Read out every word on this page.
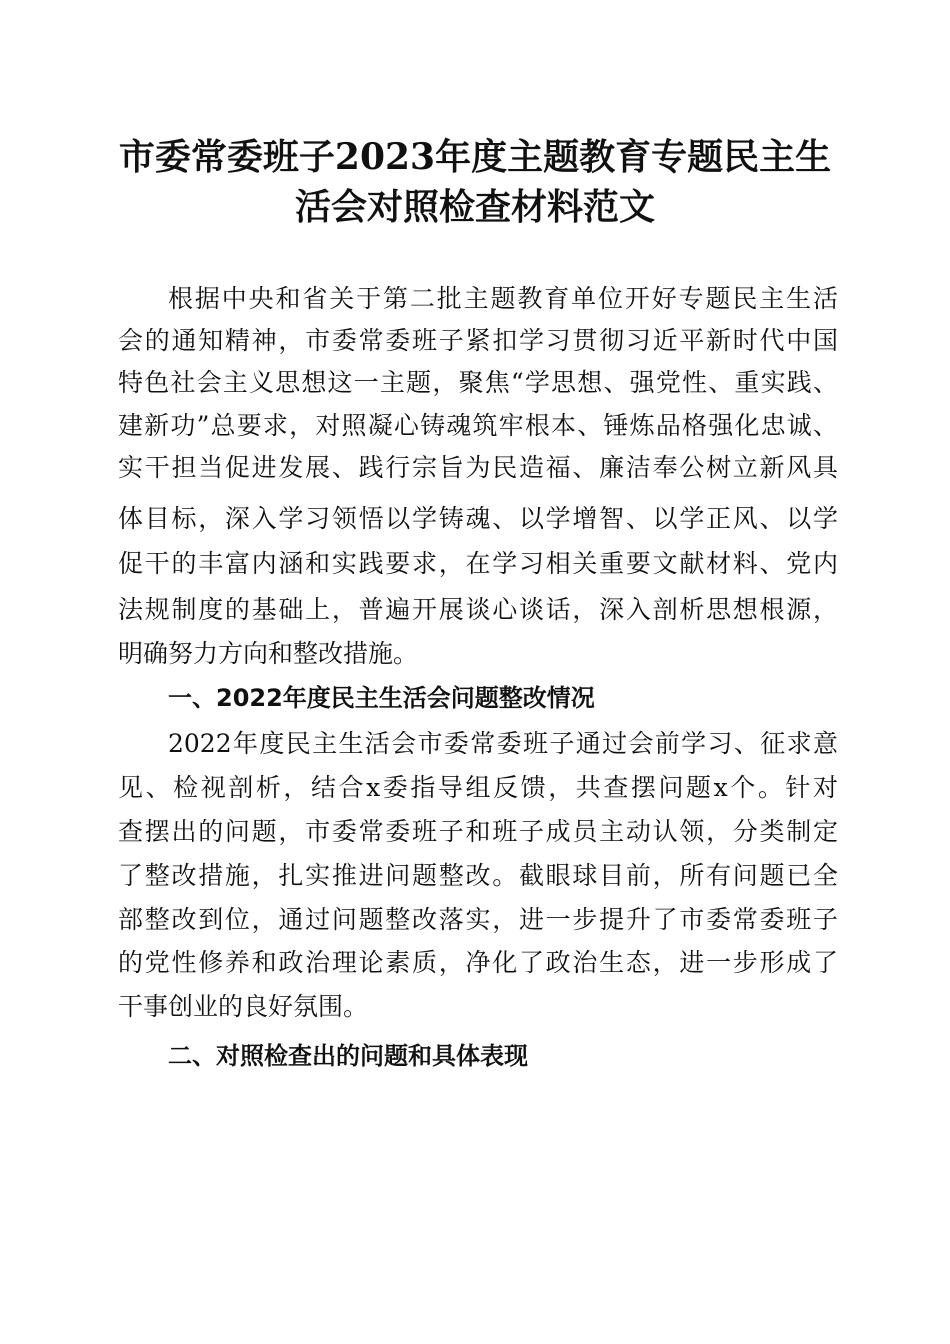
市委常委班子2023年度主题教育专题民主生
活会对照检查材料范文

根据中央和省关于第二批主题教育单位开好专题民主生活

会的通知精神，市委常委班子紧扣学习贯彻习近平新时代中国

特色社会主义思想这一主题，聚焦“学思想、强党性、重实践、

建新功”总要求，对照凝心铸魂筑牢根本、锤炼品格强化忠诚、

实干担当促进发展、践行宗旨为民造福、廉洁奉公树立新风具

体目标，深入学习领悟以学铸魂、以学增智、以学正风、以学

促干的丰富内涵和实践要求，在学习相关重要文献材料、党内

法规制度的基础上，普遍开展谈心谈话，深入剖析思想根源，

明确努力方向和整改措施。

一、2022年度民主生活会问题整改情况

2022年度民主生活会市委常委班子通过会前学习、征求意

见、检视剖析，结合x委指导组反馈，共查摆问题x个。针对

查摆出的问题，市委常委班子和班子成员主动认领，分类制定

了整改措施，扎实推进问题整改。截眼球目前，所有问题已全

部整改到位，通过问题整改落实，进一步提升了市委常委班子

的党性修养和政治理论素质，净化了政治生态，进一步形成了

干事创业的良好氛围。

二、对照检查出的问题和具体表现
